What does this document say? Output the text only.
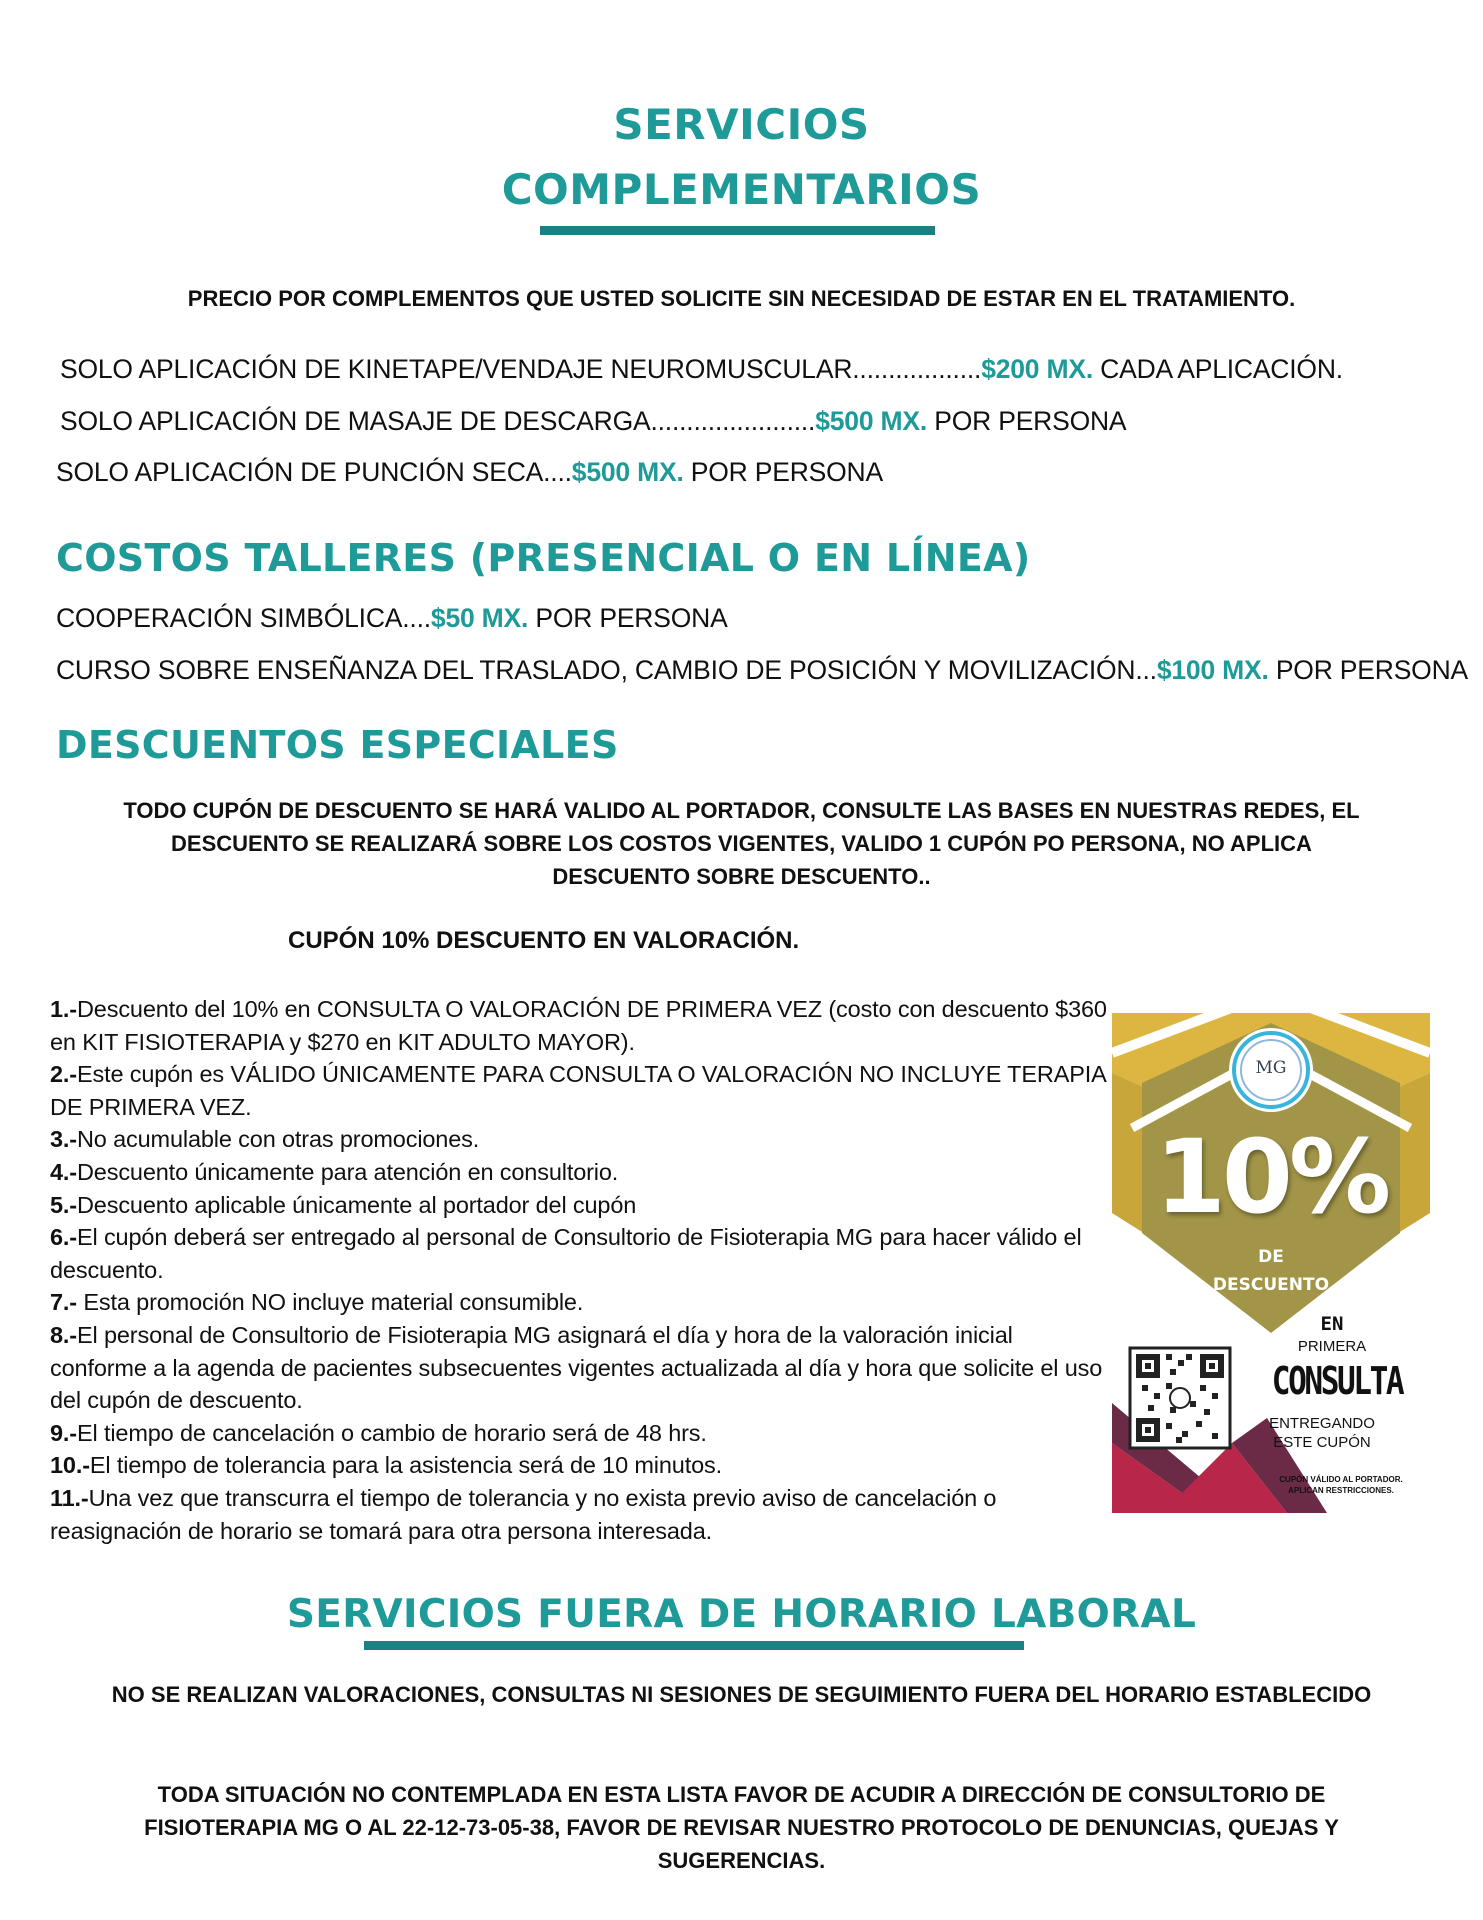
SERVICIOS
COMPLEMENTARIOS
PRECIO POR COMPLEMENTOS QUE USTED SOLICITE SIN NECESIDAD DE ESTAR EN EL TRATAMIENTO.
SOLO APLICACIÓN DE KINETAPE/VENDAJE NEUROMUSCULAR..................$200 MX. CADA APLICACIÓN.
SOLO APLICACIÓN DE MASAJE DE DESCARGA.......................$500 MX. POR PERSONA
SOLO APLICACIÓN DE PUNCIÓN SECA....$500 MX. POR PERSONA
COSTOS TALLERES (PRESENCIAL O EN LÍNEA)
COOPERACIÓN SIMBÓLICA....$50 MX. POR PERSONA
CURSO SOBRE ENSEÑANZA DEL TRASLADO, CAMBIO DE POSICIÓN Y MOVILIZACIÓN...$100 MX. POR PERSONA
DESCUENTOS ESPECIALES
TODO CUPÓN DE DESCUENTO SE HARÁ VALIDO AL PORTADOR, CONSULTE LAS BASES EN NUESTRAS REDES, EL
DESCUENTO SE REALIZARÁ SOBRE LOS COSTOS VIGENTES, VALIDO 1 CUPÓN PO PERSONA, NO APLICA
DESCUENTO SOBRE DESCUENTO..
CUPÓN 10% DESCUENTO EN VALORACIÓN.

1.-Descuento del 10% en CONSULTA O VALORACIÓN DE PRIMERA VEZ (costo con descuento $360 en KIT FISIOTERAPIA y $270 en KIT ADULTO MAYOR).

2.-Este cupón es VÁLIDO ÚNICAMENTE PARA CONSULTA O VALORACIÓN NO INCLUYE TERAPIA DE PRIMERA VEZ.

3.-No acumulable con otras promociones.

4.-Descuento únicamente para atención en consultorio.

5.-Descuento aplicable únicamente al portador del cupón

6.-El cupón deberá ser entregado al personal de Consultorio de Fisioterapia MG para hacer válido el descuento.

7.- Esta promoción NO incluye material consumible.

8.-El personal de Consultorio de Fisioterapia MG asignará el día y hora de la valoración inicial conforme a la agenda de pacientes subsecuentes vigentes actualizada al día y hora que solicite el uso del cupón de descuento.

9.-El tiempo de cancelación o cambio de horario será de 48 hrs.

10.-El tiempo de tolerancia para la asistencia será de 10 minutos.

11.-Una vez que transcurra el tiempo de tolerancia y no exista previo aviso de cancelación o reasignación de horario se tomará para otra persona interesada.

MG
10%
DE
DESCUENTO
EN
PRIMERA
CONSULTA
ENTREGANDO
ESTE CUPÓN
CUPÓN VÁLIDO AL PORTADOR.
APLICAN RESTRICCIONES.
SERVICIOS FUERA DE HORARIO LABORAL
NO SE REALIZAN VALORACIONES, CONSULTAS NI SESIONES DE SEGUIMIENTO FUERA DEL HORARIO ESTABLECIDO
TODA SITUACIÓN NO CONTEMPLADA EN ESTA LISTA FAVOR DE ACUDIR A DIRECCIÓN DE CONSULTORIO DE
FISIOTERAPIA MG O AL 22-12-73-05-38, FAVOR DE REVISAR NUESTRO PROTOCOLO DE DENUNCIAS, QUEJAS Y
SUGERENCIAS.
